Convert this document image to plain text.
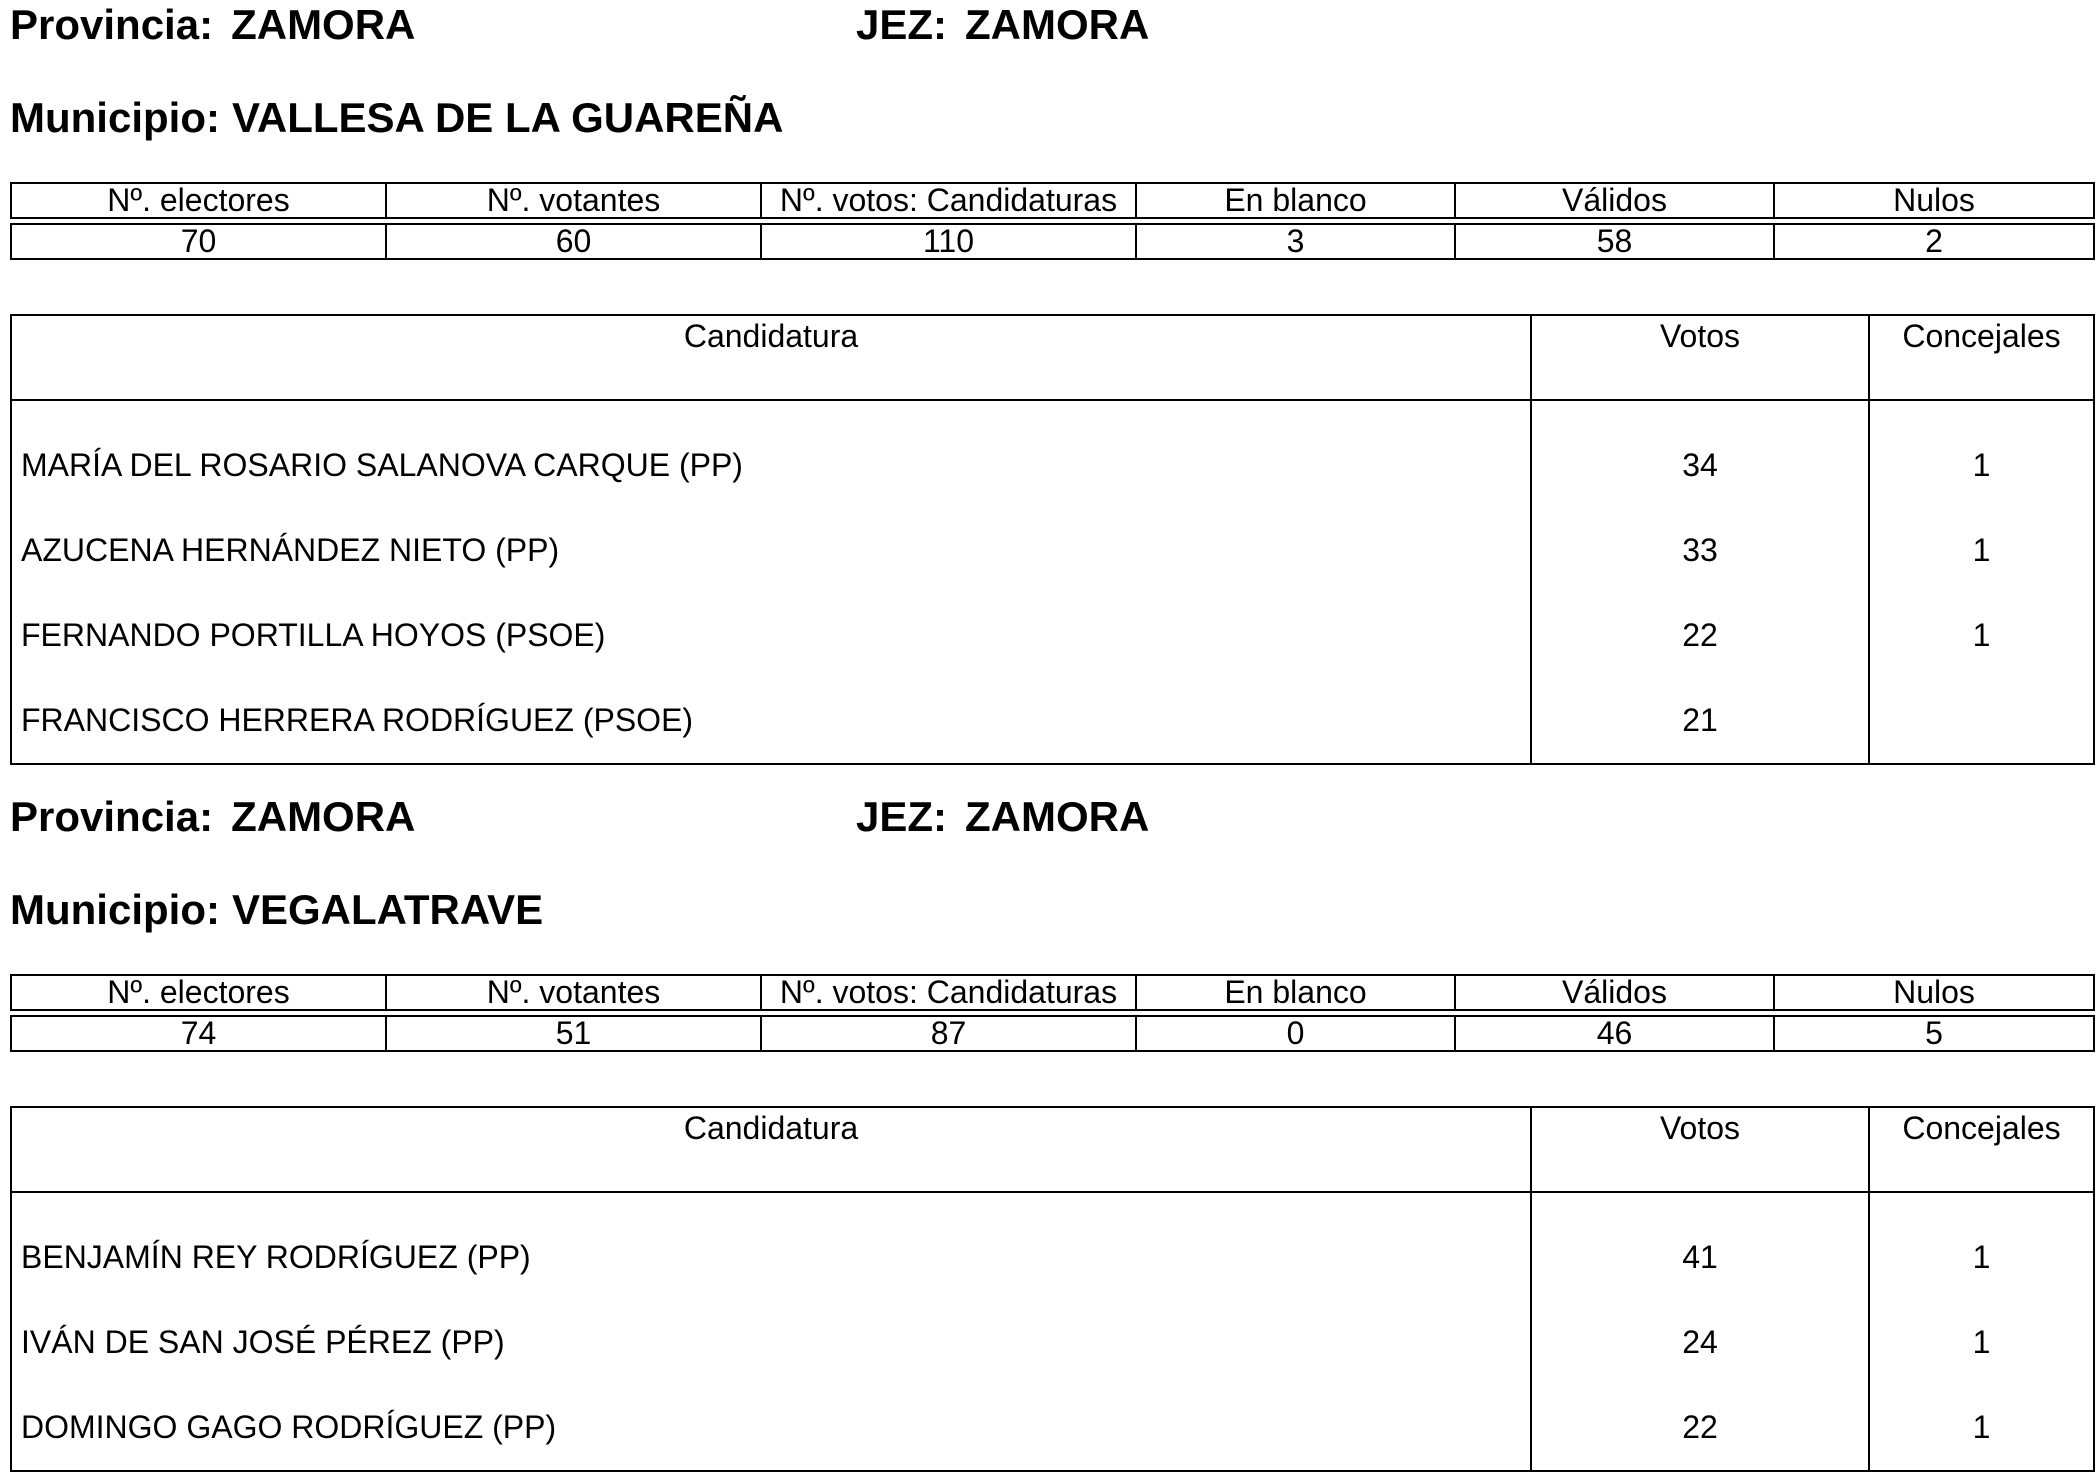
Provincia: ZAMORA	JEZ: ZAMORA
Municipio: VALLESA DE LA GUAREÑA
Nº. electores	Nº. votantes	Nº. votos: Candidaturas	En blanco	Válidos	Nulos

70	60	110	3	58	2
Candidatura	Votos	Concejales
MARÍA DEL ROSARIO SALANOVA CARQUE (PP)	34	1
AZUCENA HERNÁNDEZ NIETO (PP)	33	1
FERNANDO PORTILLA HOYOS (PSOE)	22	1
FRANCISCO HERRERA RODRÍGUEZ (PSOE)	21	
Provincia: ZAMORA	JEZ: ZAMORA
Municipio: VEGALATRAVE
Nº. electores	Nº. votantes	Nº. votos: Candidaturas	En blanco	Válidos	Nulos

74	51	87	0	46	5
Candidatura	Votos	Concejales
BENJAMÍN REY RODRÍGUEZ (PP)	41	1
IVÁN DE SAN JOSÉ PÉREZ (PP)	24	1
DOMINGO GAGO RODRÍGUEZ (PP)	22	1
